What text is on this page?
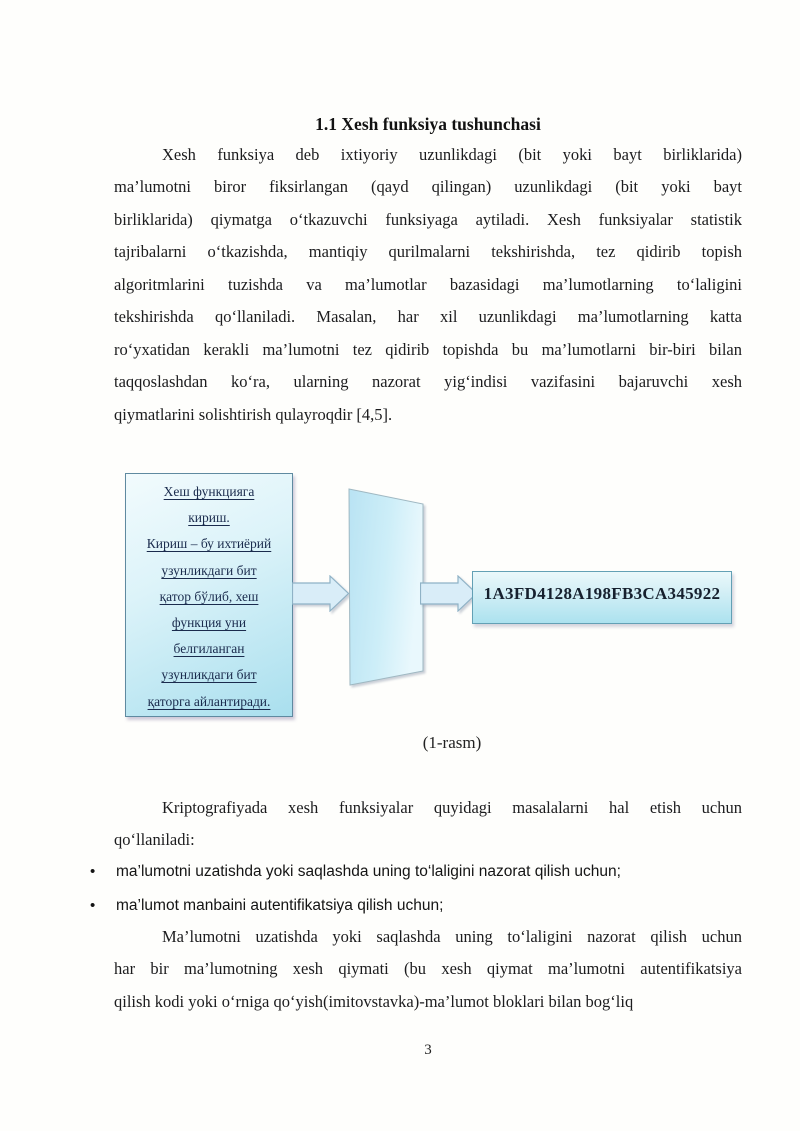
1.1 Xesh funksiya tushunchasi
Xesh funksiya deb ixtiyoriy uzunlikdagi (bit yoki bayt birliklarida)
ma’lumotni biror fiksirlangan (qayd qilingan) uzunlikdagi (bit yoki bayt
birliklarida) qiymatga o‘tkazuvchi funksiyaga aytiladi. Xesh funksiyalar statistik
tajribalarni o‘tkazishda, mantiqiy qurilmalarni tekshirishda, tez qidirib topish
algoritmlarini tuzishda va ma’lumotlar bazasidagi ma’lumotlarning to‘laligini
tekshirishda qo‘llaniladi. Masalan, har xil uzunlikdagi ma’lumotlarning katta
ro‘yxatidan kerakli ma’lumotni tez qidirib topishda bu ma’lumotlarni bir-biri bilan
taqqoslashdan ko‘ra, ularning nazorat yig‘indisi vazifasini bajaruvchi xesh
qiymatlarini solishtirish qulayroqdir [4,5].
Хеш функцияга
кириш.
Кириш – бу ихтиёрий
узунликдаги бит
қатор бўлиб, хеш
функция уни
белгиланган
узунликдаги бит
қаторга айлантиради.
1A3FD4128A198FB3CA345922
(1-rasm)
Kriptografiyada xesh funksiyalar quyidagi masalalarni hal etish uchun
qo‘llaniladi:
•	ma’lumotni uzatishda yoki saqlashda uning to‘laligini nazorat qilish uchun;
•	ma’lumot manbaini autentifikatsiya qilish uchun;
Ma’lumotni uzatishda yoki saqlashda uning to‘laligini nazorat qilish uchun
har bir ma’lumotning xesh qiymati (bu xesh qiymat ma’lumotni autentifikatsiya
qilish kodi yoki o‘rniga qo‘yish(imitovstavka)-ma’lumot bloklari bilan bog‘liq
3
